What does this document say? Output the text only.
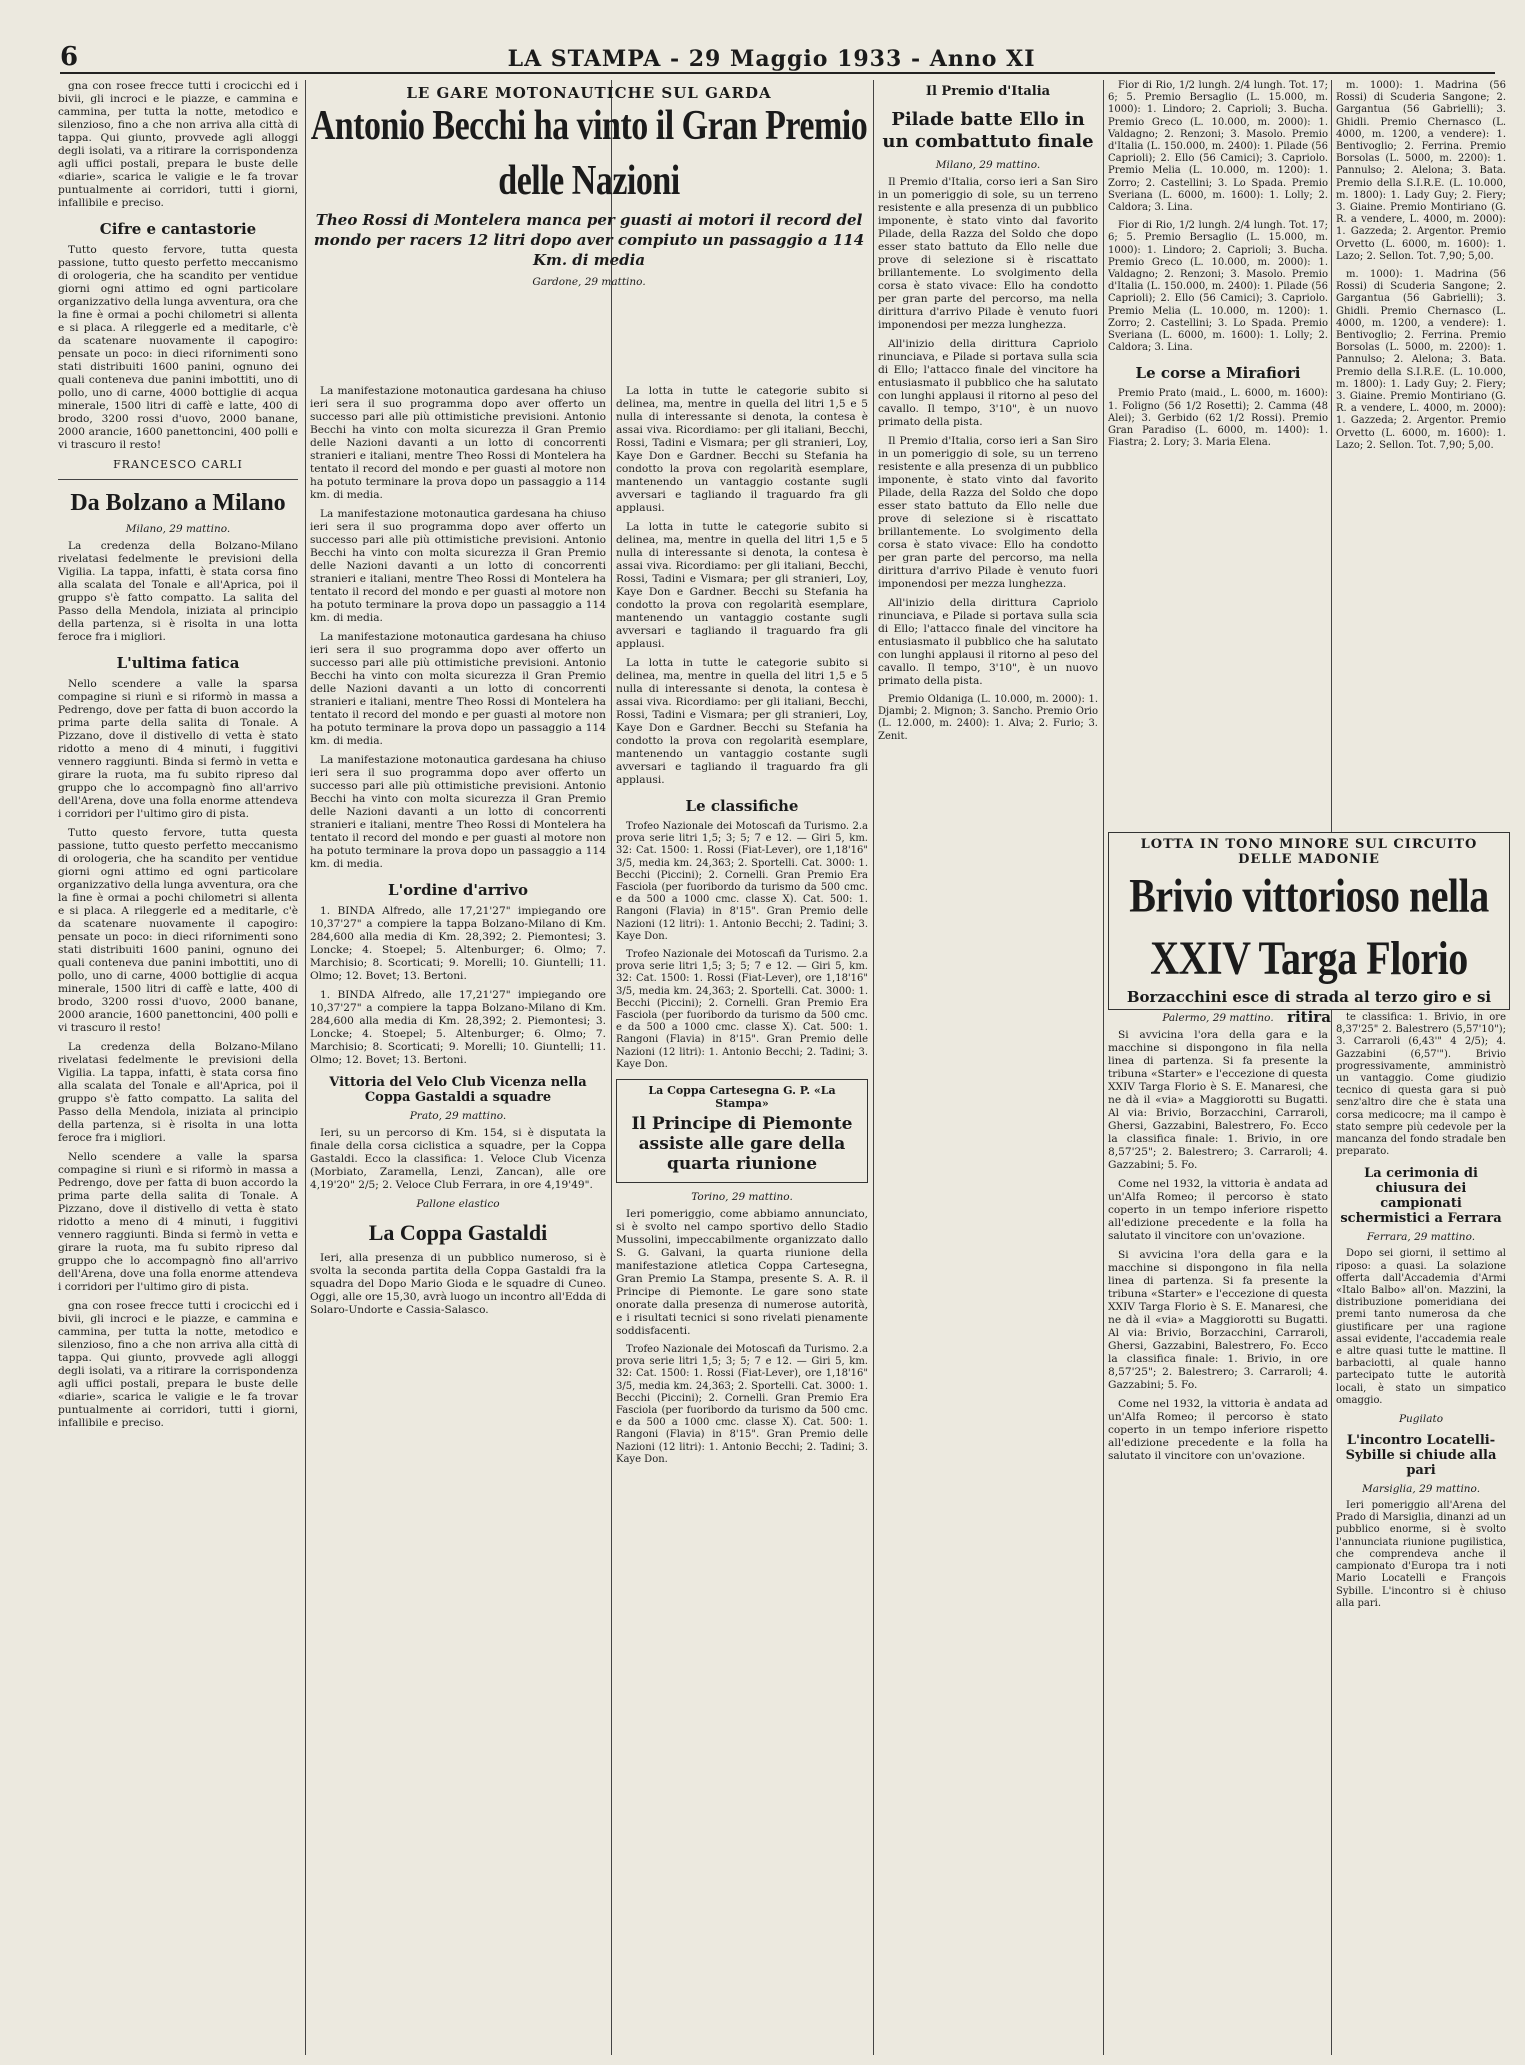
6	LA STAMPA - 29 Maggio 1933 - Anno XI

gna con rosee frecce tutti i crocicchi ed i bivii, gli incroci e le piazze, e cammina e cammina, per tutta la notte, metodico e silenzioso, fino a che non arriva alla città di tappa. Qui giunto, provvede agli alloggi degli isolati, va a ritirare la corrispondenza agli uffici postali, prepara le buste delle «diarie», scarica le valigie e le fa trovar puntualmente ai corridori, tutti i giorni, infallibile e preciso.

Cifre e cantastorie

Tutto questo fervore, tutta questa passione, tutto questo perfetto meccanismo di orologeria, che ha scandito per ventidue giorni ogni attimo ed ogni particolare organizzativo della lunga avventura, ora che la fine è ormai a pochi chilometri si allenta e si placa. A rileggerle ed a meditarle, c'è da scatenare nuovamente il capogiro: pensate un poco: in dieci rifornimenti sono stati distribuiti 1600 panini, ognuno dei quali conteneva due panini imbottiti, uno di pollo, uno di carne, 4000 bottiglie di acqua minerale, 1500 litri di caffè e latte, 400 di brodo, 3200 rossi d'uovo, 2000 banane, 2000 arancie, 1600 panettoncini, 400 polli e vi trascuro il resto!

FRANCESCO CARLI
Da Bolzano a Milano
Milano, 29 mattino.

La credenza della Bolzano-Milano rivelatasi fedelmente le previsioni della Vigilia. La tappa, infatti, è stata corsa fino alla scalata del Tonale e all'Aprica, poi il gruppo s'è fatto compatto. La salita del Passo della Mendola, iniziata al principio della partenza, si è risolta in una lotta feroce fra i migliori.

L'ultima fatica

Nello scendere a valle la sparsa compagine si riunì e si riformò in massa a Pedrengo, dove per fatta di buon accordo la prima parte della salita di Tonale. A Pizzano, dove il distivello di vetta è stato ridotto a meno di 4 minuti, i fuggitivi vennero raggiunti. Binda si fermò in vetta e girare la ruota, ma fu subito ripreso dal gruppo che lo accompagnò fino all'arrivo dell'Arena, dove una folla enorme attendeva i corridori per l'ultimo giro di pista.

Tutto questo fervore, tutta questa passione, tutto questo perfetto meccanismo di orologeria, che ha scandito per ventidue giorni ogni attimo ed ogni particolare organizzativo della lunga avventura, ora che la fine è ormai a pochi chilometri si allenta e si placa. A rileggerle ed a meditarle, c'è da scatenare nuovamente il capogiro: pensate un poco: in dieci rifornimenti sono stati distribuiti 1600 panini, ognuno dei quali conteneva due panini imbottiti, uno di pollo, uno di carne, 4000 bottiglie di acqua minerale, 1500 litri di caffè e latte, 400 di brodo, 3200 rossi d'uovo, 2000 banane, 2000 arancie, 1600 panettoncini, 400 polli e vi trascuro il resto!

La credenza della Bolzano-Milano rivelatasi fedelmente le previsioni della Vigilia. La tappa, infatti, è stata corsa fino alla scalata del Tonale e all'Aprica, poi il gruppo s'è fatto compatto. La salita del Passo della Mendola, iniziata al principio della partenza, si è risolta in una lotta feroce fra i migliori.

Nello scendere a valle la sparsa compagine si riunì e si riformò in massa a Pedrengo, dove per fatta di buon accordo la prima parte della salita di Tonale. A Pizzano, dove il distivello di vetta è stato ridotto a meno di 4 minuti, i fuggitivi vennero raggiunti. Binda si fermò in vetta e girare la ruota, ma fu subito ripreso dal gruppo che lo accompagnò fino all'arrivo dell'Arena, dove una folla enorme attendeva i corridori per l'ultimo giro di pista.

gna con rosee frecce tutti i crocicchi ed i bivii, gli incroci e le piazze, e cammina e cammina, per tutta la notte, metodico e silenzioso, fino a che non arriva alla città di tappa. Qui giunto, provvede agli alloggi degli isolati, va a ritirare la corrispondenza agli uffici postali, prepara le buste delle «diarie», scarica le valigie e le fa trovar puntualmente ai corridori, tutti i giorni, infallibile e preciso.

LE GARE MOTONAUTICHE SUL GARDA
Antonio Becchi ha vinto il Gran Premio delle Nazioni
Theo Rossi di Montelera manca per guasti ai motori il record del mondo per racers 12 litri dopo aver compiuto un passaggio a 114 Km. di media
Gardone, 29 mattino.

La manifestazione motonautica gardesana ha chiuso ieri sera il suo programma dopo aver offerto un successo pari alle più ottimistiche previsioni. Antonio Becchi ha vinto con molta sicurezza il Gran Premio delle Nazioni davanti a un lotto di concorrenti stranieri e italiani, mentre Theo Rossi di Montelera ha tentato il record del mondo e per guasti al motore non ha potuto terminare la prova dopo un passaggio a 114 km. di media.

La manifestazione motonautica gardesana ha chiuso ieri sera il suo programma dopo aver offerto un successo pari alle più ottimistiche previsioni. Antonio Becchi ha vinto con molta sicurezza il Gran Premio delle Nazioni davanti a un lotto di concorrenti stranieri e italiani, mentre Theo Rossi di Montelera ha tentato il record del mondo e per guasti al motore non ha potuto terminare la prova dopo un passaggio a 114 km. di media.

La manifestazione motonautica gardesana ha chiuso ieri sera il suo programma dopo aver offerto un successo pari alle più ottimistiche previsioni. Antonio Becchi ha vinto con molta sicurezza il Gran Premio delle Nazioni davanti a un lotto di concorrenti stranieri e italiani, mentre Theo Rossi di Montelera ha tentato il record del mondo e per guasti al motore non ha potuto terminare la prova dopo un passaggio a 114 km. di media.

La manifestazione motonautica gardesana ha chiuso ieri sera il suo programma dopo aver offerto un successo pari alle più ottimistiche previsioni. Antonio Becchi ha vinto con molta sicurezza il Gran Premio delle Nazioni davanti a un lotto di concorrenti stranieri e italiani, mentre Theo Rossi di Montelera ha tentato il record del mondo e per guasti al motore non ha potuto terminare la prova dopo un passaggio a 114 km. di media.

L'ordine d'arrivo

1. BINDA Alfredo, alle 17,21'27" impiegando ore 10,37'27" a compiere la tappa Bolzano-Milano di Km. 284,600 alla media di Km. 28,392; 2. Piemontesi; 3. Loncke; 4. Stoepel; 5. Altenburger; 6. Olmo; 7. Marchisio; 8. Scorticati; 9. Morelli; 10. Giuntelli; 11. Olmo; 12. Bovet; 13. Bertoni.

1. BINDA Alfredo, alle 17,21'27" impiegando ore 10,37'27" a compiere la tappa Bolzano-Milano di Km. 284,600 alla media di Km. 28,392; 2. Piemontesi; 3. Loncke; 4. Stoepel; 5. Altenburger; 6. Olmo; 7. Marchisio; 8. Scorticati; 9. Morelli; 10. Giuntelli; 11. Olmo; 12. Bovet; 13. Bertoni.

Vittoria del Velo Club Vicenza nella Coppa Gastaldi a squadre
Prato, 29 mattino.

Ieri, su un percorso di Km. 154, si è disputata la finale della corsa ciclistica a squadre, per la Coppa Gastaldi. Ecco la classifica: 1. Veloce Club Vicenza (Morbiato, Zaramella, Lenzi, Zancan), alle ore 4,19'20" 2/5; 2. Veloce Club Ferrara, in ore 4,19'49".

Pallone elastico
La Coppa Gastaldi

Ieri, alla presenza di un pubblico numeroso, si è svolta la seconda partita della Coppa Gastaldi fra la squadra del Dopo Mario Gioda e le squadre di Cuneo. Oggi, alle ore 15,30, avrà luogo un incontro all'Edda di Solaro-Undorte e Cassia-Salasco.

La lotta in tutte le categorie subito si delinea, ma, mentre in quella del litri 1,5 e 5 nulla di interessante si denota, la contesa è assai viva. Ricordiamo: per gli italiani, Becchi, Rossi, Tadini e Vismara; per gli stranieri, Loy, Kaye Don e Gardner. Becchi su Stefania ha condotto la prova con regolarità esemplare, mantenendo un vantaggio costante sugli avversari e tagliando il traguardo fra gli applausi.

La lotta in tutte le categorie subito si delinea, ma, mentre in quella del litri 1,5 e 5 nulla di interessante si denota, la contesa è assai viva. Ricordiamo: per gli italiani, Becchi, Rossi, Tadini e Vismara; per gli stranieri, Loy, Kaye Don e Gardner. Becchi su Stefania ha condotto la prova con regolarità esemplare, mantenendo un vantaggio costante sugli avversari e tagliando il traguardo fra gli applausi.

La lotta in tutte le categorie subito si delinea, ma, mentre in quella del litri 1,5 e 5 nulla di interessante si denota, la contesa è assai viva. Ricordiamo: per gli italiani, Becchi, Rossi, Tadini e Vismara; per gli stranieri, Loy, Kaye Don e Gardner. Becchi su Stefania ha condotto la prova con regolarità esemplare, mantenendo un vantaggio costante sugli avversari e tagliando il traguardo fra gli applausi.

Le classifiche

Trofeo Nazionale dei Motoscafi da Turismo. 2.a prova serie litri 1,5; 3; 5; 7 e 12. — Giri 5, km. 32: Cat. 1500: 1. Rossi (Fiat-Lever), ore 1,18'16" 3/5, media km. 24,363; 2. Sportelli. Cat. 3000: 1. Becchi (Piccini); 2. Cornelli. Gran Premio Era Fasciola (per fuoribordo da turismo da 500 cmc. e da 500 a 1000 cmc. classe X). Cat. 500: 1. Rangoni (Flavia) in 8'15". Gran Premio delle Nazioni (12 litri): 1. Antonio Becchi; 2. Tadini; 3. Kaye Don.

Trofeo Nazionale dei Motoscafi da Turismo. 2.a prova serie litri 1,5; 3; 5; 7 e 12. — Giri 5, km. 32: Cat. 1500: 1. Rossi (Fiat-Lever), ore 1,18'16" 3/5, media km. 24,363; 2. Sportelli. Cat. 3000: 1. Becchi (Piccini); 2. Cornelli. Gran Premio Era Fasciola (per fuoribordo da turismo da 500 cmc. e da 500 a 1000 cmc. classe X). Cat. 500: 1. Rangoni (Flavia) in 8'15". Gran Premio delle Nazioni (12 litri): 1. Antonio Becchi; 2. Tadini; 3. Kaye Don.

La Coppa Cartesegna G. P. «La Stampa»
Il Principe di Piemonte assiste alle gare della quarta riunione
Torino, 29 mattino.

Ieri pomeriggio, come abbiamo annunciato, si è svolto nel campo sportivo dello Stadio Mussolini, impeccabilmente organizzato dallo S. G. Galvani, la quarta riunione della manifestazione atletica Coppa Cartesegna, Gran Premio La Stampa, presente S. A. R. il Principe di Piemonte. Le gare sono state onorate dalla presenza di numerose autorità, e i risultati tecnici si sono rivelati pienamente soddisfacenti.

Trofeo Nazionale dei Motoscafi da Turismo. 2.a prova serie litri 1,5; 3; 5; 7 e 12. — Giri 5, km. 32: Cat. 1500: 1. Rossi (Fiat-Lever), ore 1,18'16" 3/5, media km. 24,363; 2. Sportelli. Cat. 3000: 1. Becchi (Piccini); 2. Cornelli. Gran Premio Era Fasciola (per fuoribordo da turismo da 500 cmc. e da 500 a 1000 cmc. classe X). Cat. 500: 1. Rangoni (Flavia) in 8'15". Gran Premio delle Nazioni (12 litri): 1. Antonio Becchi; 2. Tadini; 3. Kaye Don.

Il Premio d'Italia
Pilade batte Ello in un combattuto finale
Milano, 29 mattino.

Il Premio d'Italia, corso ieri a San Siro in un pomeriggio di sole, su un terreno resistente e alla presenza di un pubblico imponente, è stato vinto dal favorito Pilade, della Razza del Soldo che dopo esser stato battuto da Ello nelle due prove di selezione si è riscattato brillantemente. Lo svolgimento della corsa è stato vivace: Ello ha condotto per gran parte del percorso, ma nella dirittura d'arrivo Pilade è venuto fuori imponendosi per mezza lunghezza.

All'inizio della dirittura Capriolo rinunciava, e Pilade si portava sulla scia di Ello; l'attacco finale del vincitore ha entusiasmato il pubblico che ha salutato con lunghi applausi il ritorno al peso del cavallo. Il tempo, 3'10", è un nuovo primato della pista.

Il Premio d'Italia, corso ieri a San Siro in un pomeriggio di sole, su un terreno resistente e alla presenza di un pubblico imponente, è stato vinto dal favorito Pilade, della Razza del Soldo che dopo esser stato battuto da Ello nelle due prove di selezione si è riscattato brillantemente. Lo svolgimento della corsa è stato vivace: Ello ha condotto per gran parte del percorso, ma nella dirittura d'arrivo Pilade è venuto fuori imponendosi per mezza lunghezza.

All'inizio della dirittura Capriolo rinunciava, e Pilade si portava sulla scia di Ello; l'attacco finale del vincitore ha entusiasmato il pubblico che ha salutato con lunghi applausi il ritorno al peso del cavallo. Il tempo, 3'10", è un nuovo primato della pista.

Premio Oldaniga (L. 10.000, m. 2000): 1. Djambi; 2. Mignon; 3. Sancho. Premio Orio (L. 12.000, m. 2400): 1. Alva; 2. Furio; 3. Zenit.

Fior di Rio, 1/2 lungh. 2/4 lungh. Tot. 17; 6; 5. Premio Bersaglio (L. 15.000, m. 1000): 1. Lindoro; 2. Caprioli; 3. Bucha. Premio Greco (L. 10.000, m. 2000): 1. Valdagno; 2. Renzoni; 3. Masolo. Premio d'Italia (L. 150.000, m. 2400): 1. Pilade (56 Caprioli); 2. Ello (56 Camici); 3. Capriolo. Premio Melia (L. 10.000, m. 1200): 1. Zorro; 2. Castellini; 3. Lo Spada. Premio Sveriana (L. 6000, m. 1600): 1. Lolly; 2. Caldora; 3. Lina.

Fior di Rio, 1/2 lungh. 2/4 lungh. Tot. 17; 6; 5. Premio Bersaglio (L. 15.000, m. 1000): 1. Lindoro; 2. Caprioli; 3. Bucha. Premio Greco (L. 10.000, m. 2000): 1. Valdagno; 2. Renzoni; 3. Masolo. Premio d'Italia (L. 150.000, m. 2400): 1. Pilade (56 Caprioli); 2. Ello (56 Camici); 3. Capriolo. Premio Melia (L. 10.000, m. 1200): 1. Zorro; 2. Castellini; 3. Lo Spada. Premio Sveriana (L. 6000, m. 1600): 1. Lolly; 2. Caldora; 3. Lina.

Le corse a Mirafiori

Premio Prato (maid., L. 6000, m. 1600): 1. Foligno (56 1/2 Rosetti); 2. Camma (48 Alei); 3. Gerbido (62 1/2 Rossi). Premio Gran Paradiso (L. 6000, m. 1400): 1. Fiastra; 2. Lory; 3. Maria Elena.

m. 1000): 1. Madrina (56 Rossi) di Scuderia Sangone; 2. Gargantua (56 Gabrielli); 3. Ghidli. Premio Chernasco (L. 4000, m. 1200, a vendere): 1. Bentivoglio; 2. Ferrina. Premio Borsolas (L. 5000, m. 2200): 1. Pannulso; 2. Alelona; 3. Bata. Premio della S.I.R.E. (L. 10.000, m. 1800): 1. Lady Guy; 2. Fiery; 3. Giaine. Premio Montiriano (G. R. a vendere, L. 4000, m. 2000): 1. Gazzeda; 2. Argentor. Premio Orvetto (L. 6000, m. 1600): 1. Lazo; 2. Sellon. Tot. 7,90; 5,00.

m. 1000): 1. Madrina (56 Rossi) di Scuderia Sangone; 2. Gargantua (56 Gabrielli); 3. Ghidli. Premio Chernasco (L. 4000, m. 1200, a vendere): 1. Bentivoglio; 2. Ferrina. Premio Borsolas (L. 5000, m. 2200): 1. Pannulso; 2. Alelona; 3. Bata. Premio della S.I.R.E. (L. 10.000, m. 1800): 1. Lady Guy; 2. Fiery; 3. Giaine. Premio Montiriano (G. R. a vendere, L. 4000, m. 2000): 1. Gazzeda; 2. Argentor. Premio Orvetto (L. 6000, m. 1600): 1. Lazo; 2. Sellon. Tot. 7,90; 5,00.

LOTTA IN TONO MINORE SUL CIRCUITO DELLE MADONIE
Brivio vittorioso nella XXIV Targa Florio
Borzacchini esce di strada al terzo giro e si ritira
Palermo, 29 mattino.

Si avvicina l'ora della gara e la macchine si dispongono in fila nella linea di partenza. Si fa presente la tribuna «Starter» e l'eccezione di questa XXIV Targa Florio è S. E. Manaresi, che ne dà il «via» a Maggiorotti su Bugatti. Al via: Brivio, Borzacchini, Carraroli, Ghersi, Gazzabini, Balestrero, Fo. Ecco la classifica finale: 1. Brivio, in ore 8,57'25"; 2. Balestrero; 3. Carraroli; 4. Gazzabini; 5. Fo.

Come nel 1932, la vittoria è andata ad un'Alfa Romeo; il percorso è stato coperto in un tempo inferiore rispetto all'edizione precedente e la folla ha salutato il vincitore con un'ovazione.

Si avvicina l'ora della gara e la macchine si dispongono in fila nella linea di partenza. Si fa presente la tribuna «Starter» e l'eccezione di questa XXIV Targa Florio è S. E. Manaresi, che ne dà il «via» a Maggiorotti su Bugatti. Al via: Brivio, Borzacchini, Carraroli, Ghersi, Gazzabini, Balestrero, Fo. Ecco la classifica finale: 1. Brivio, in ore 8,57'25"; 2. Balestrero; 3. Carraroli; 4. Gazzabini; 5. Fo.

Come nel 1932, la vittoria è andata ad un'Alfa Romeo; il percorso è stato coperto in un tempo inferiore rispetto all'edizione precedente e la folla ha salutato il vincitore con un'ovazione.

te classifica: 1. Brivio, in ore 8,37'25" 2. Balestrero (5,57'10"); 3. Carraroli (6,43'" 4 2/5); 4. Gazzabini (6,57'"). Brivio progressivamente, amministrò un vantaggio. Come giudizio tecnico di questa gara si può senz'altro dire che è stata una corsa medicocre; ma il campo è stato sempre più cedevole per la mancanza del fondo stradale ben preparato.

La cerimonia di chiusura dei campionati schermistici a Ferrara
Ferrara, 29 mattino.

Dopo sei giorni, il settimo al riposo: a quasi. La solazione offerta dall'Accademia d'Armi «Italo Balbo» all'on. Mazzini, la distribuzione pomeridiana dei premi tanto numerosa da che giustificare per una ragione assai evidente, l'accademia reale e altre quasi tutte le mattine. Il barbaciotti, al quale hanno partecipato tutte le autorità locali, è stato un simpatico omaggio.

Pugilato
L'incontro Locatelli-Sybille si chiude alla pari
Marsiglia, 29 mattino.

Ieri pomeriggio all'Arena del Prado di Marsiglia, dinanzi ad un pubblico enorme, si è svolto l'annunciata riunione pugilistica, che comprendeva anche il campionato d'Europa tra i noti Mario Locatelli e François Sybille. L'incontro si è chiuso alla pari.
